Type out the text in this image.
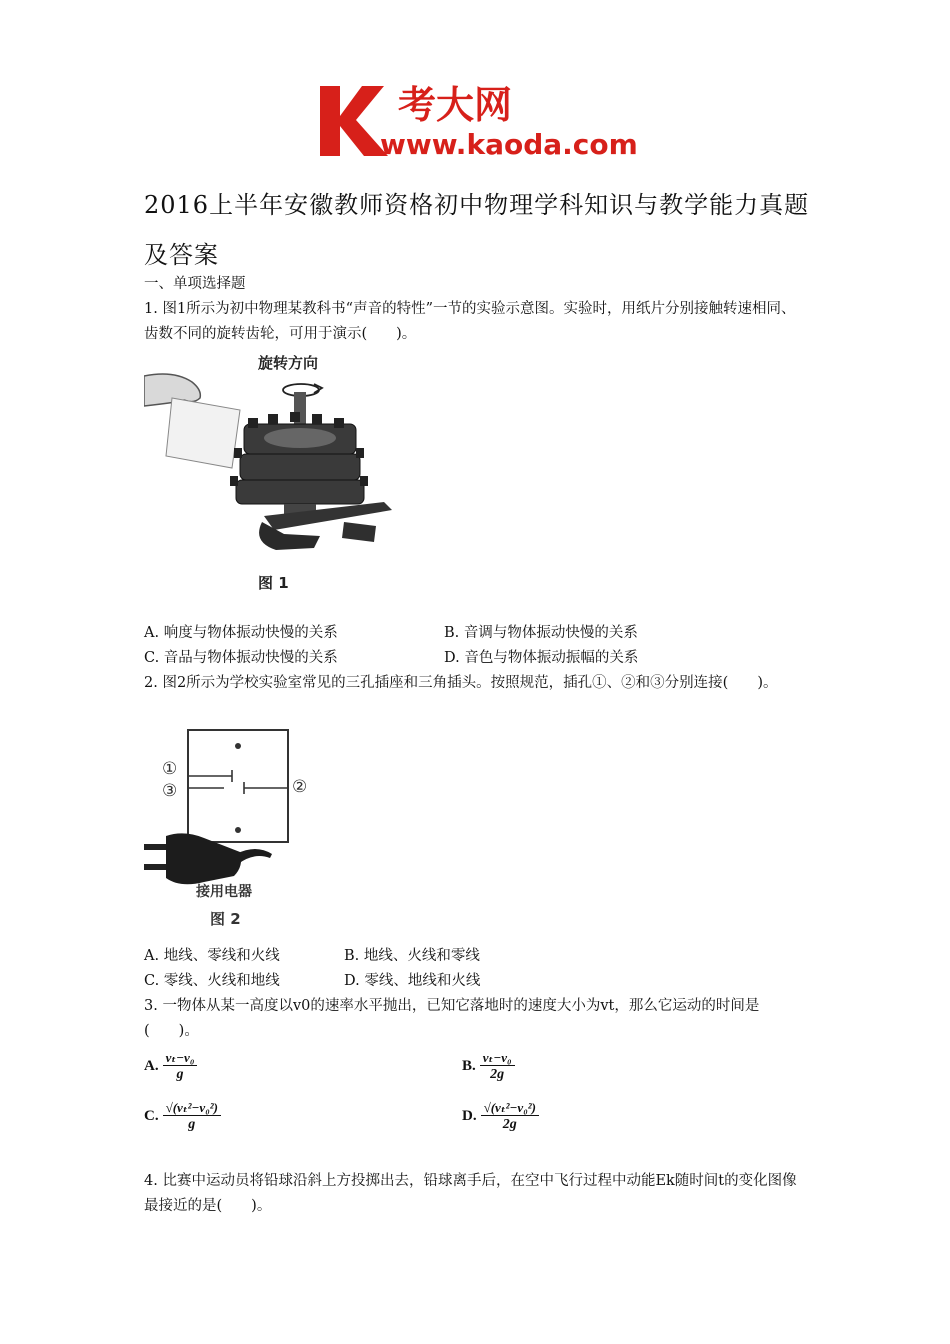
考大网
www.kaoda.com
2016上半年安徽教师资格初中物理学科知识与教学能力真题及答案
一、单项选择题
1. 图1所示为初中物理某教科书“声音的特性”一节的实验示意图。实验时，用纸片分别接触转速相同、齿数不同的旋转齿轮，可用于演示(　　)。
旋转方向
图 1
A. 响度与物体振动快慢的关系	B. 音调与物体振动快慢的关系
C. 音品与物体振动快慢的关系	D. 音色与物体振动振幅的关系
2. 图2所示为学校实验室常见的三孔插座和三角插头。按照规范，插孔①、②和③分别连接(　　)。
①
③	②
接用电器
图 2
A. 地线、零线和火线	B. 地线、火线和零线
C. 零线、火线和地线	D. 零线、地线和火线
3. 一物体从某一高度以v0的速率水平抛出，已知它落地时的速度大小为vt，那么它运动的时间是(　　)。
A. $\frac{\text{vₜ−v₀}}{g}$	B. $\frac{\text{vₜ−v₀}}{2g}$
C. $\frac{\text{√(vₜ²−v₀²)}}{g}$	D. $\frac{\text{√(vₜ²−v₀²)}}{2g}$
4. 比赛中运动员将铅球沿斜上方投掷出去，铅球离手后，在空中飞行过程中动能Ek随时间t的变化图像最接近的是(　　)。
